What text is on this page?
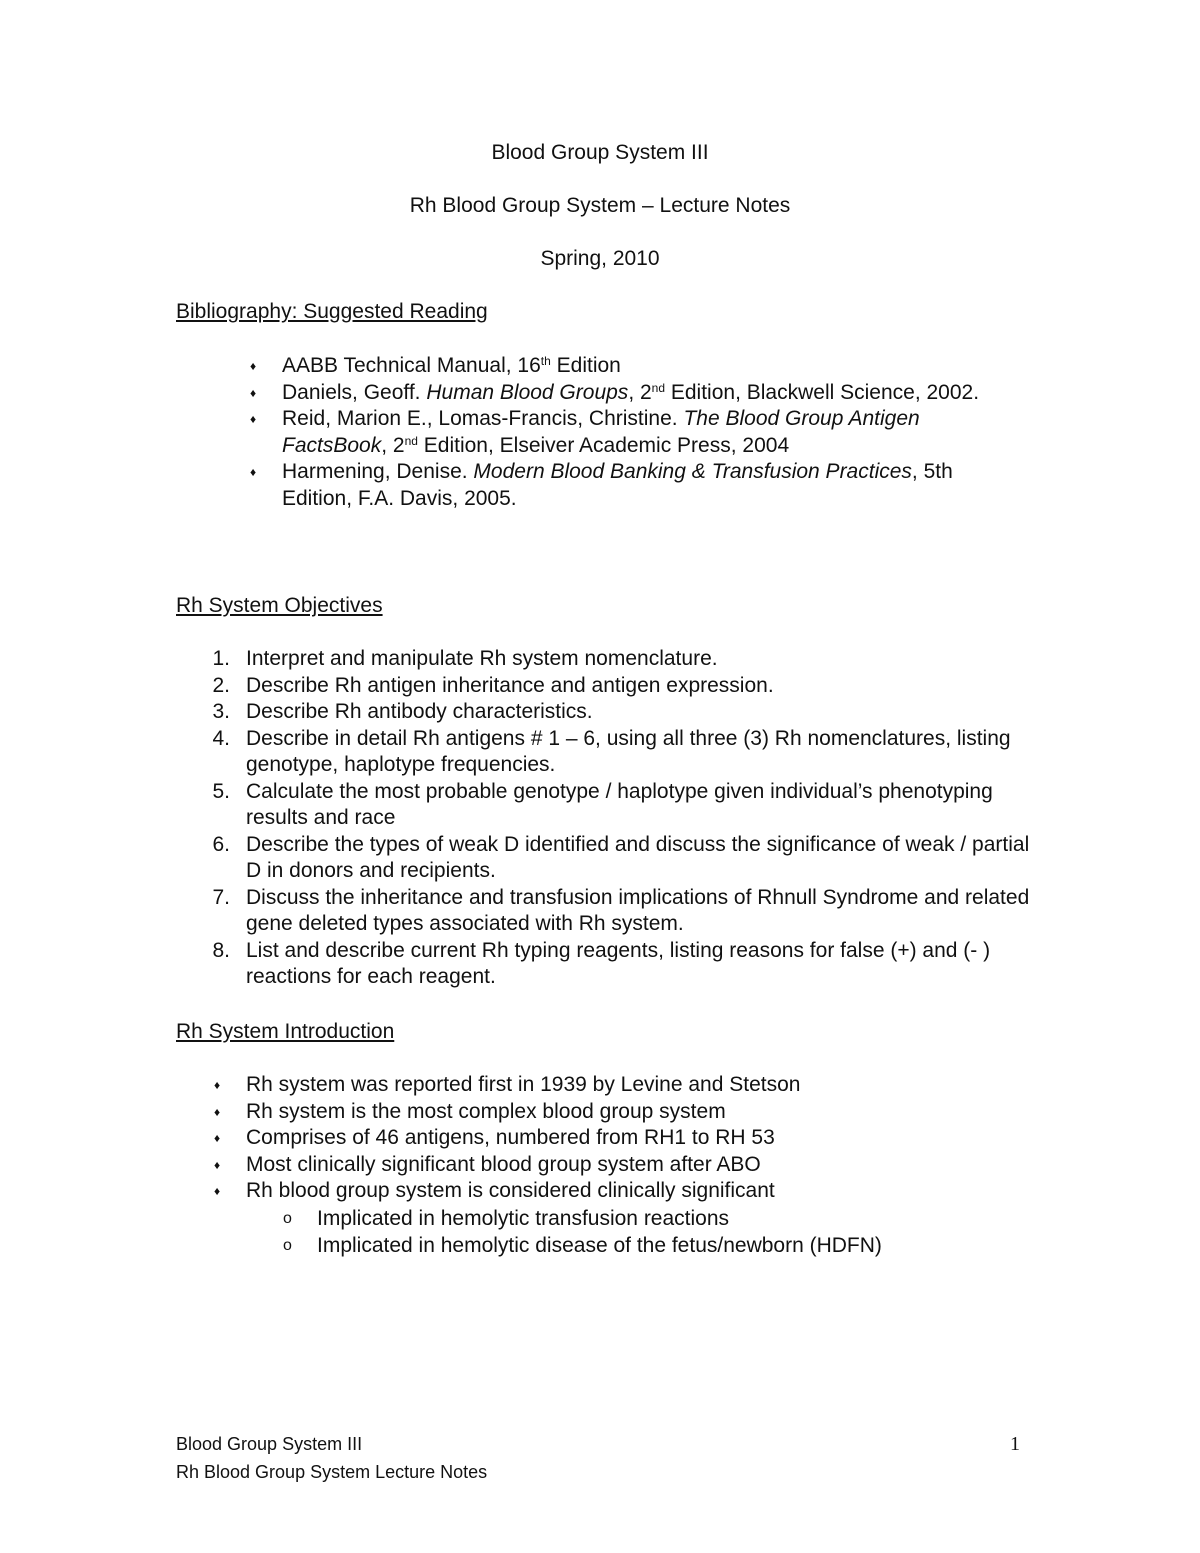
Blood Group System III
Rh Blood Group System – Lecture Notes
Spring, 2010
Bibliography: Suggested Reading
♦ AABB Technical Manual, 16th Edition
♦ Daniels, Geoff. Human Blood Groups, 2nd Edition, Blackwell Science, 2002.
♦ Reid, Marion E., Lomas-Francis, Christine. The Blood Group Antigen FactsBook, 2nd Edition, Elseiver Academic Press, 2004
♦ Harmening, Denise. Modern Blood Banking & Transfusion Practices, 5th Edition, F.A. Davis, 2005.
Rh System Objectives
1. Interpret and manipulate Rh system nomenclature.
2. Describe Rh antigen inheritance and antigen expression.
3. Describe Rh antibody characteristics.
4. Describe in detail Rh antigens # 1 – 6, using all three (3) Rh nomenclatures, listing genotype, haplotype frequencies.
5. Calculate the most probable genotype / haplotype given individual’s phenotyping results and race
6. Describe the types of weak D identified and discuss the significance of weak / partial D in donors and recipients.
7. Discuss the inheritance and transfusion implications of Rhnull Syndrome and related gene deleted types associated with Rh system.
8. List and describe current Rh typing reagents, listing reasons for false (+) and (- ) reactions for each reagent.
Rh System Introduction
♦ Rh system was reported first in 1939 by Levine and Stetson
♦ Rh system is the most complex blood group system
♦ Comprises of 46 antigens, numbered from RH1 to RH 53
♦ Most clinically significant blood group system after ABO
♦ Rh blood group system is considered clinically significant
o Implicated in hemolytic transfusion reactions
o Implicated in hemolytic disease of the fetus/newborn (HDFN)
Blood Group System III
Rh Blood Group System Lecture Notes
1
